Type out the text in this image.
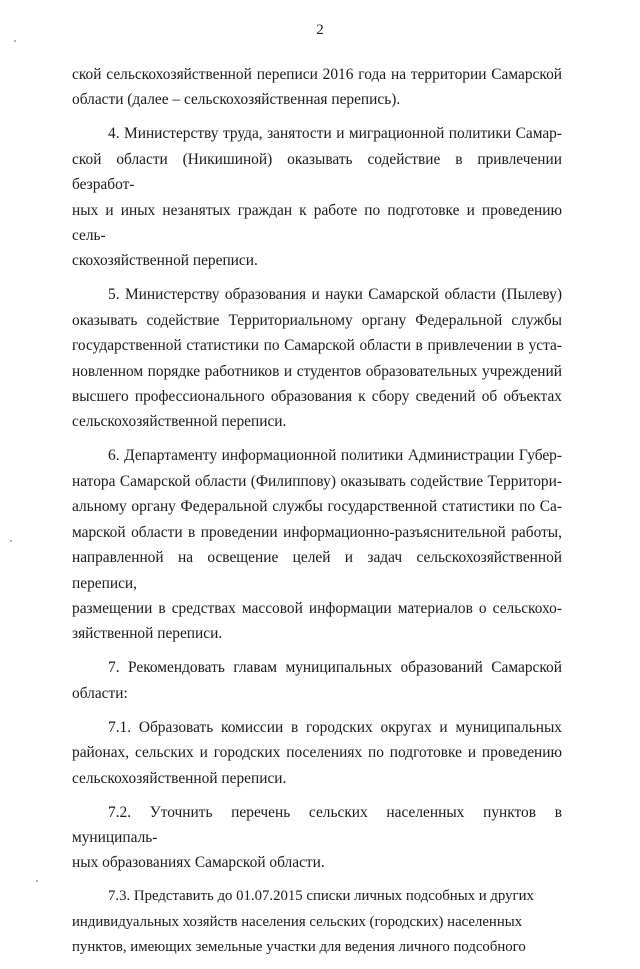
2

ской сельскохозяйственной переписи 2016 года на территории Самарской
области (далее – сельскохозяйственная перепись).

4. Министерству труда, занятости и миграционной политики Самар-
ской области (Никишиной) оказывать содействие в привлечении безработ-
ных и иных незанятых граждан к работе по подготовке и проведению сель-
скохозяйственной переписи.

5. Министерству образования и науки Самарской области (Пылеву)
оказывать содействие Территориальному органу Федеральной службы
государственной статистики по Самарской области в привлечении в уста-
новленном порядке работников и студентов образовательных учреждений
высшего профессионального образования к сбору сведений об объектах
сельскохозяйственной переписи.

6. Департаменту информационной политики Администрации Губер-
натора Самарской области (Филиппову) оказывать содействие Территори-
альному органу Федеральной службы государственной статистики по Са-
марской области в проведении информационно-разъяснительной работы,
направленной на освещение целей и задач сельскохозяйственной переписи,
размещении в средствах массовой информации материалов о сельскохо-
зяйственной переписи.

7. Рекомендовать главам муниципальных образований Самарской
области:

7.1. Образовать комиссии в городских округах и муниципальных
районах, сельских и городских поселениях по подготовке и проведению
сельскохозяйственной переписи.

7.2. Уточнить перечень сельских населенных пунктов в муниципаль-
ных образованиях Самарской области.

7.3. Представить до 01.07.2015 списки личных подсобных и других
индивидуальных хозяйств населения сельских (городских) населенных
пунктов, имеющих земельные участки для ведения личного подсобного
